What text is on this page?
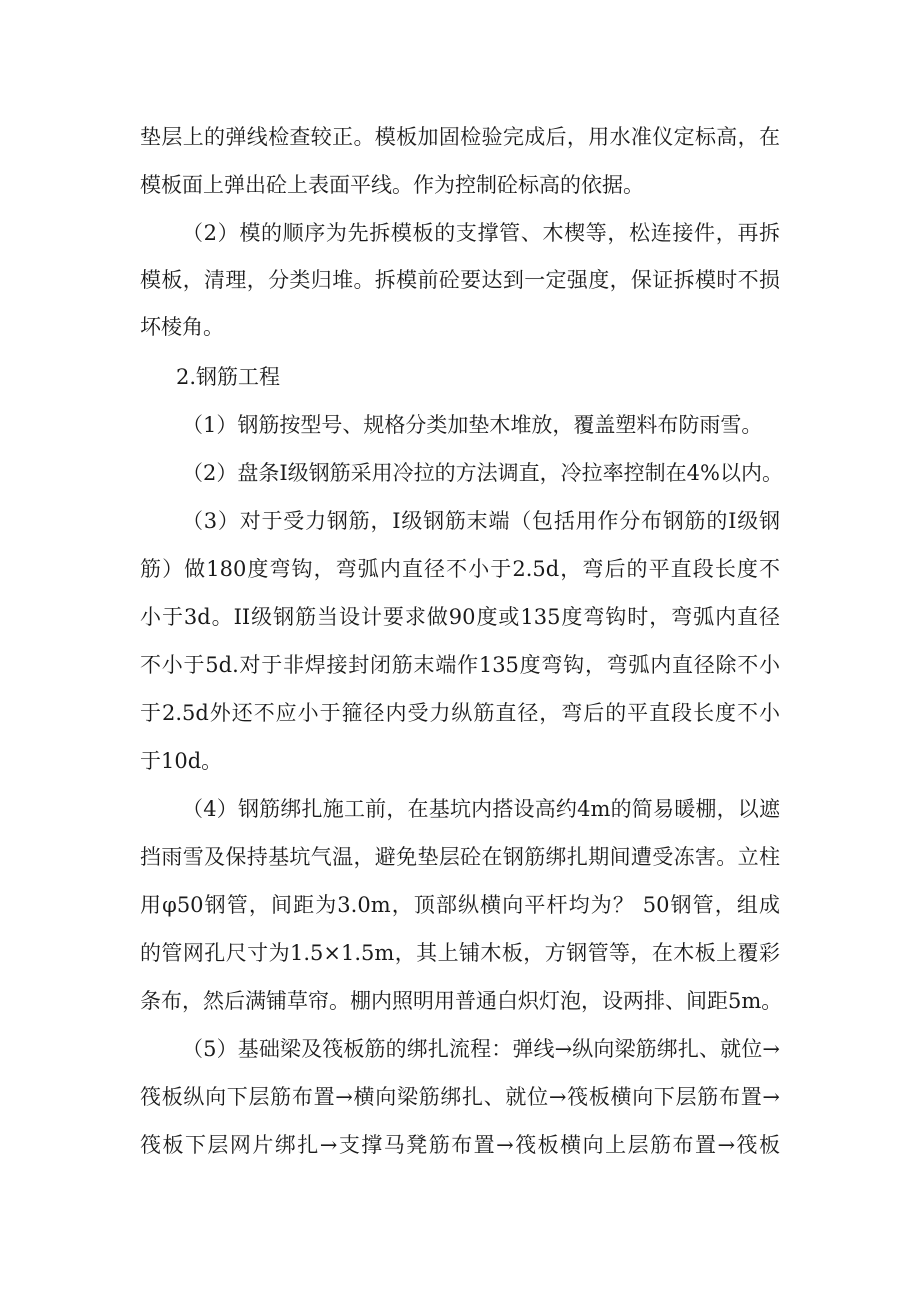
垫层上的弹线检查较正。模板加固检验完成后，用水准仪定标高，在
模板面上弹出砼上表面平线。作为控制砼标高的依据。
（2）模的顺序为先拆模板的支撑管、木楔等，松连接件，再拆
模板，清理，分类归堆。拆模前砼要达到一定强度，保证拆模时不损
坏棱角。
2.钢筋工程
（1）钢筋按型号、规格分类加垫木堆放，覆盖塑料布防雨雪。
（2）盘条Ⅰ级钢筋采用冷拉的方法调直，冷拉率控制在4%以内。
（3）对于受力钢筋，Ⅰ级钢筋末端（包括用作分布钢筋的Ⅰ级钢
筋）做180度弯钩，弯弧内直径不小于2.5d，弯后的平直段长度不
小于3d。II级钢筋当设计要求做90度或135度弯钩时，弯弧内直径
不小于5d.对于非焊接封闭筋末端作135度弯钩，弯弧内直径除不小
于2.5d外还不应小于箍径内受力纵筋直径，弯后的平直段长度不小
于10d。
（4）钢筋绑扎施工前，在基坑内搭设高约4m的简易暖棚，以遮
挡雨雪及保持基坑气温，避免垫层砼在钢筋绑扎期间遭受冻害。立柱
用φ50钢管，间距为3.0m，顶部纵横向平杆均为？ 50钢管，组成
的管网孔尺寸为1.5×1.5m，其上铺木板，方钢管等，在木板上覆彩
条布，然后满铺草帘。棚内照明用普通白炽灯泡，设两排、间距5m。
（5）基础梁及筏板筋的绑扎流程：弹线→纵向梁筋绑扎、就位→
筏板纵向下层筋布置→横向梁筋绑扎、就位→筏板横向下层筋布置→
筏板下层网片绑扎→支撑马凳筋布置→筏板横向上层筋布置→筏板
